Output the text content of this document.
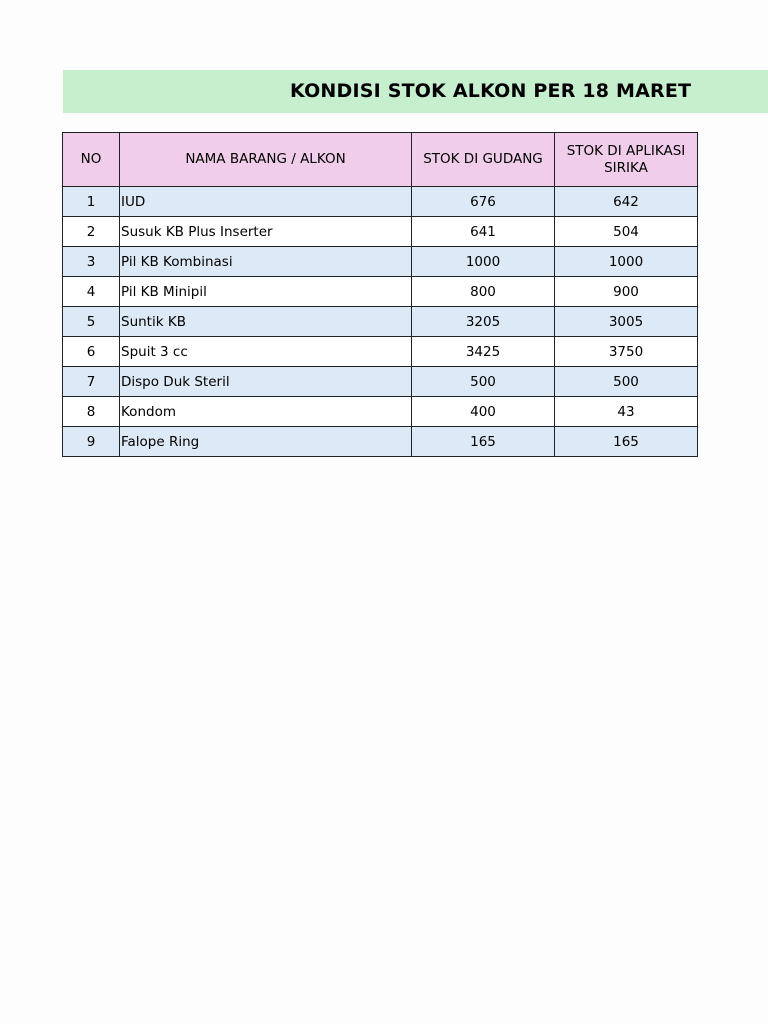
KONDISI STOK ALKON PER 18 MARET
NO	NAMA BARANG / ALKON	STOK DI GUDANG	STOK DI APLIKASI SIRIKA
1	IUD	676	642
2	Susuk KB Plus Inserter	641	504
3	Pil KB Kombinasi	1000	1000
4	Pil KB Minipil	800	900
5	Suntik KB	3205	3005
6	Spuit 3 cc	3425	3750
7	Dispo Duk Steril	500	500
8	Kondom	400	43
9	Falope Ring	165	165
